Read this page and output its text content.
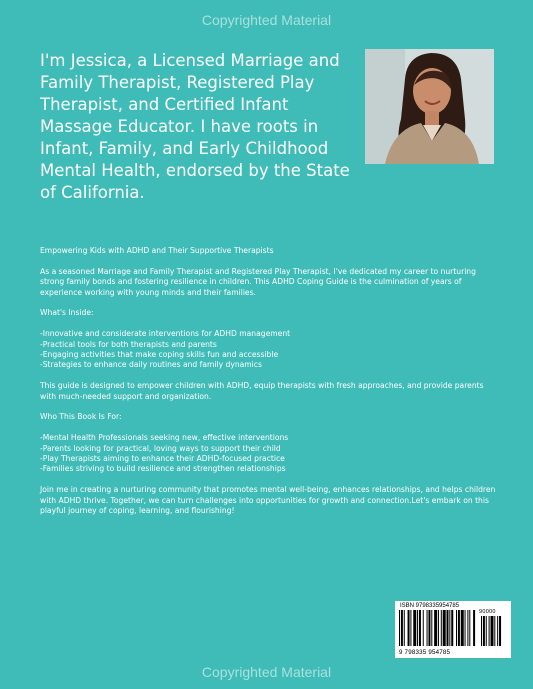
Copyrighted Material
I'm Jessica, a Licensed Marriage and Family Therapist, Registered Play Therapist, and Certified Infant Massage Educator. I have roots in Infant, Family, and Early Childhood Mental Health, endorsed by the State of California.

Empowering Kids with ADHD and Their Supportive Therapists

As a seasoned Marriage and Family Therapist and Registered Play Therapist, I've dedicated my career to nurturing strong family bonds and fostering resilience in children. This ADHD Coping Guide is the culmination of years of experience working with young minds and their families.

What's Inside:

-Innovative and considerate interventions for ADHD management
-Practical tools for both therapists and parents
-Engaging activities that make coping skills fun and accessible
-Strategies to enhance daily routines and family dynamics

This guide is designed to empower children with ADHD, equip therapists with fresh approaches, and provide parents with much-needed support and organization.

Who This Book Is For:

-Mental Health Professionals seeking new, effective interventions
-Parents looking for practical, loving ways to support their child
-Play Therapists aiming to enhance their ADHD-focused practice
-Families striving to build resilience and strengthen relationships

Join me in creating a nurturing community that promotes mental well-being, enhances relationships, and helps children with ADHD thrive. Together, we can turn challenges into opportunities for growth and connection.Let's embark on this playful journey of coping, learning, and flourishing!

ISBN 9798335954785
90000
9 798335 954785
Copyrighted Material
